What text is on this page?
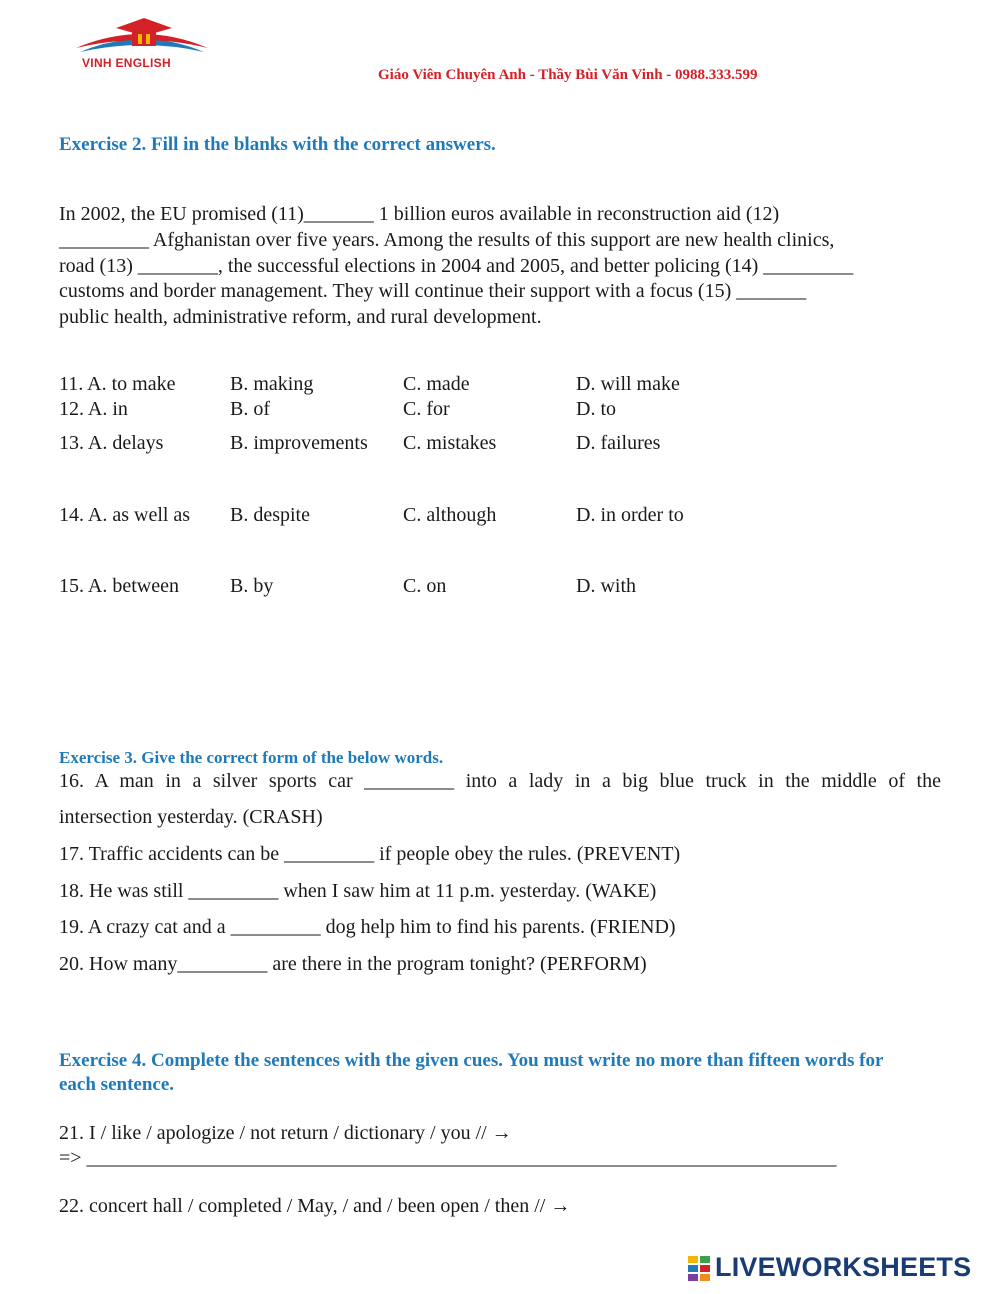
VINH ENGLISH
Giáo Viên Chuyên Anh - Thầy Bùi Văn Vinh - 0988.333.599
Exercise 2. Fill in the blanks with the correct answers.
In 2002, the EU promised (11)_______ 1 billion euros available in reconstruction aid (12)
_________ Afghanistan over five years. Among the results of this support are new health clinics,
road (13) ________, the successful elections in 2004 and 2005, and better policing (14) _________
customs and border management. They will continue their support with a focus (15) _______
public health, administrative reform, and rural development.
11. A. to make	B. making	C. made	D. will make
12. A. in	B. of	C. for	D. to
13. A. delays	B. improvements C. mistakes	D. failures
14. A. as well as B. despite	C. although	D. in order to
15. A. between	B. by	C. on	D. with
Exercise 3. Give the correct form of the below words.
16. A man in a silver sports car _________ into a lady in a big blue truck in the middle of the
intersection yesterday. (CRASH)
17. Traffic accidents can be _________ if people obey the rules. (PREVENT)
18. He was still _________ when I saw him at 11 p.m. yesterday. (WAKE)
19. A crazy cat and a _________ dog help him to find his parents. (FRIEND)
20. How many_________ are there in the program tonight? (PERFORM)
Exercise 4. Complete the sentences with the given cues. You must write no more than fifteen words for each sentence.
21. I / like / apologize / not return / dictionary / you // →
=> ___________________________________________________________________________
22. concert hall / completed / May, / and / been open / then // →
LIVEWORKSHEETS
